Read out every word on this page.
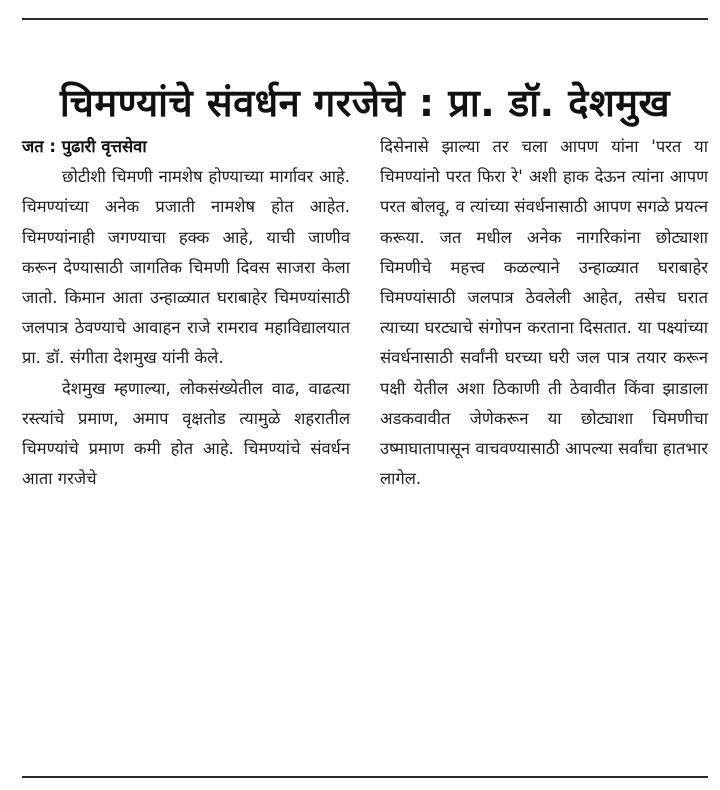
चिमण्यांचे संवर्धन गरजेचे : प्रा. डॉ. देशमुख
जत : पुढारी वृत्तसेवा

छोटीशी चिमणी नामशेष होण्याच्या मार्गावर आहे. चिमण्यांच्या अनेक प्रजाती नामशेष होत आहेत. चिमण्यांनाही जगण्याचा हक्क आहे, याची जाणीव करून देण्यासाठी जागतिक चिमणी दिवस साजरा केला जातो. किमान आता उन्हाळ्यात घराबाहेर चिमण्यांसाठी जलपात्र ठेवण्याचे आवाहन राजे रामराव महाविद्यालयात प्रा. डॉ. संगीता देशमुख यांनी केले.

देशमुख म्हणाल्या, लोकसंख्येतील वाढ, वाढत्या रस्त्यांचे प्रमाण, अमाप वृक्षतोड त्यामुळे शहरातील चिमण्यांचे प्रमाण कमी होत आहे. चिमण्यांचे संवर्धन आता गरजेचे

दिसेनासे झाल्या तर चला आपण यांना 'परत या चिमण्यांनो परत फिरा रे' अशी हाक देऊन त्यांना आपण परत बोलवू, व त्यांच्या संवर्धनासाठी आपण सगळे प्रयत्न करूया. जत मधील अनेक नागरिकांना छोट्याशा चिमणीचे महत्त्व कळल्याने उन्हाळ्यात घराबाहेर चिमण्यांसाठी जलपात्र ठेवलेली आहेत, तसेच घरात त्याच्या घरट्याचे संगोपन करताना दिसतात. या पक्ष्यांच्या संवर्धनासाठी सर्वांनी घरच्या घरी जल पात्र तयार करून पक्षी येतील अशा ठिकाणी ती ठेवावीत किंवा झाडाला अडकवावीत जेणेकरून या छोट्याशा चिमणीचा उष्माघातापासून वाचवण्यासाठी आपल्या सर्वांचा हातभार लागेल.
